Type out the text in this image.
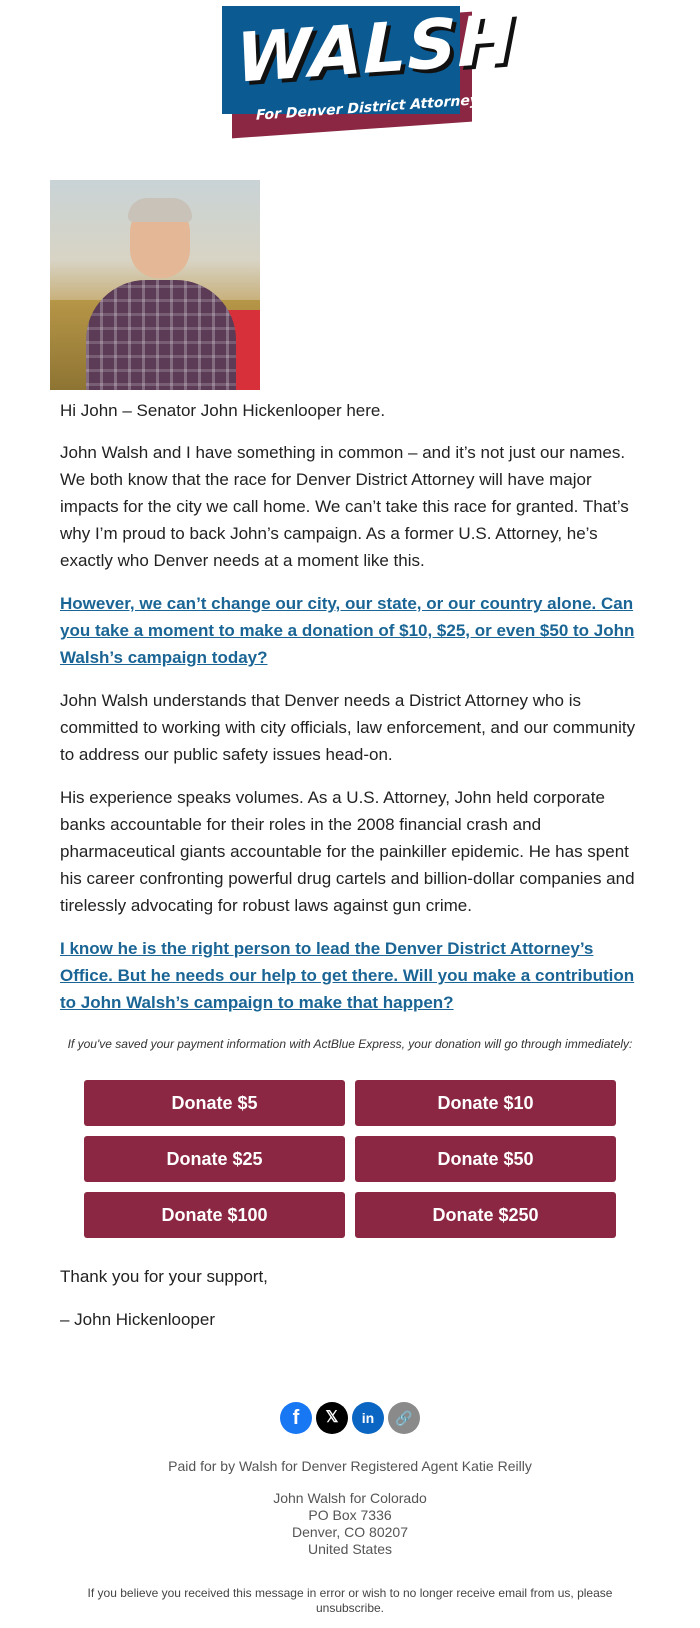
WALSH
For Denver District Attorney

Hi John – Senator John Hickenlooper here.

John Walsh and I have something in common – and it’s not just our names. We both know that the race for Denver District Attorney will have major impacts for the city we call home. We can’t take this race for granted. That’s why I’m proud to back John’s campaign. As a former U.S. Attorney, he’s exactly who Denver needs at a moment like this.

However, we can’t change our city, our state, or our country alone. Can you take a moment to make a donation of $10, $25, or even $50 to John Walsh’s campaign today?

John Walsh understands that Denver needs a District Attorney who is committed to working with city officials, law enforcement, and our community to address our public safety issues head-on.

His experience speaks volumes. As a U.S. Attorney, John held corporate banks accountable for their roles in the 2008 financial crash and pharmaceutical giants accountable for the painkiller epidemic. He has spent his career confronting powerful drug cartels and billion-dollar companies and tirelessly advocating for robust laws against gun crime.

I know he is the right person to lead the Denver District Attorney’s Office. But he needs our help to get there. Will you make a contribution to John Walsh’s campaign to make that happen?

If you've saved your payment information with ActBlue Express, your donation will go through immediately:
Donate $5	Donate $10
Donate $25	Donate $50
Donate $100	Donate $250

Thank you for your support,

– John Hickenlooper

f	𝕏	in	🔗
Paid for by Walsh for Denver Registered Agent Katie Reilly
John Walsh for Colorado
PO Box 7336
Denver, CO 80207
United States
If you believe you received this message in error or wish to no longer receive email from us, please unsubscribe.
